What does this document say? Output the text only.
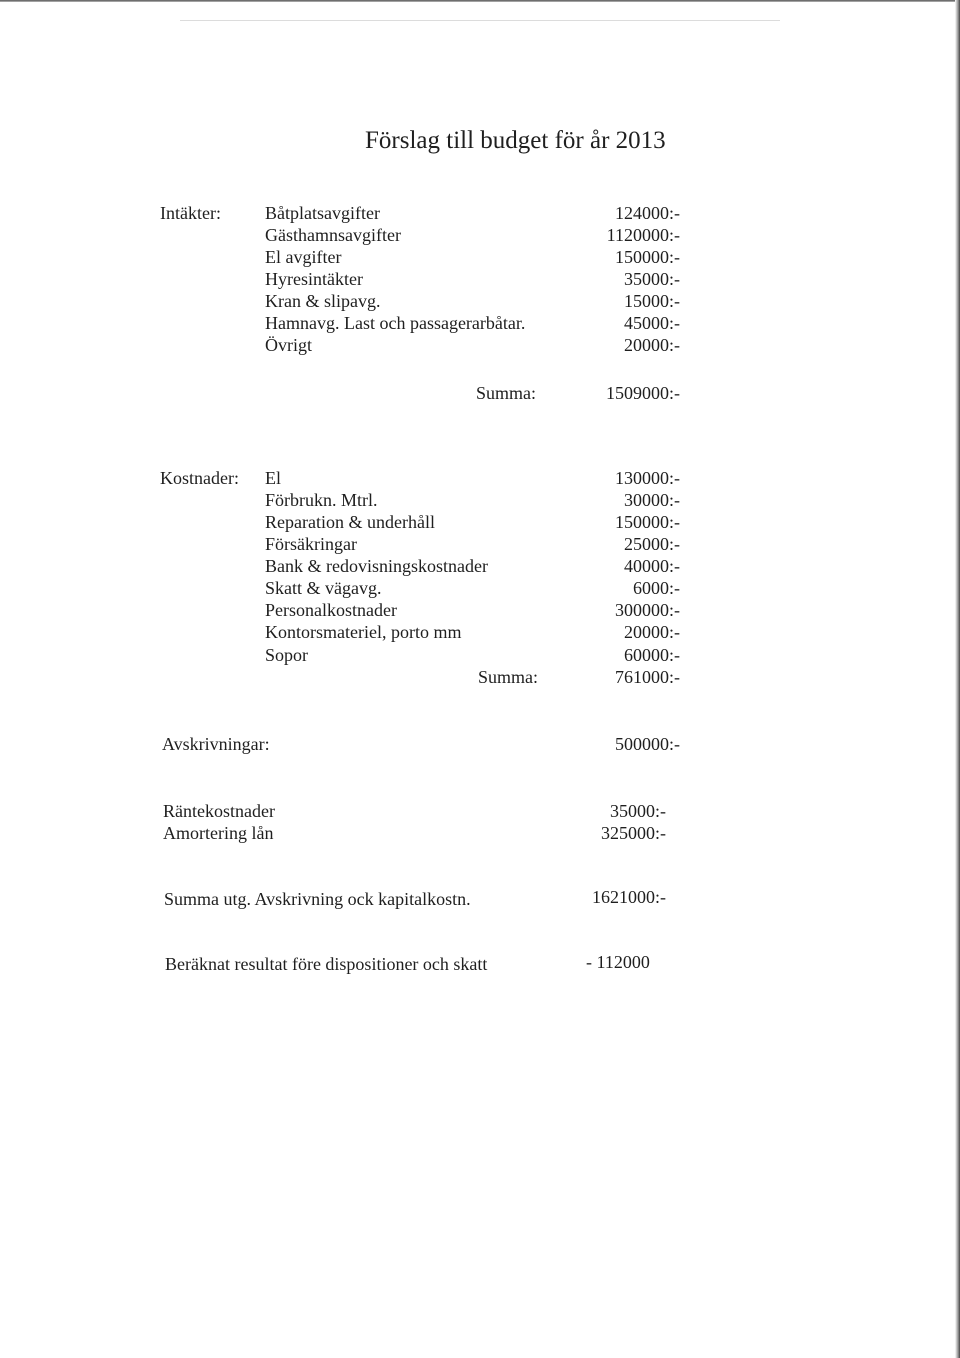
Förslag till budget för år 2013
Intäkter: Båtplatsavgifter	124000:-
Gästhamnsavgifter	1120000:-
El avgifter	150000:-
Hyresintäkter	35000:-
Kran & slipavg.	15000:-
Hamnavg. Last och passagerarbåtar.	45000:-
Övrigt	20000:-
Summa:	1509000:-
Kostnader: El	130000:-
Förbrukn. Mtrl.	30000:-
Reparation & underhåll	150000:-
Försäkringar	25000:-
Bank & redovisningskostnader	40000:-
Skatt & vägavg.	6000:-
Personalkostnader	300000:-
Kontorsmateriel, porto mm	20000:-
Sopor	60000:-
Summa:	761000:-
Avskrivningar:	500000:-
Räntekostnader	35000:-
Amortering lån	325000:-
Summa utg. Avskrivning ock kapitalkostn.	1621000:-
Beräknat resultat före dispositioner och skatt	- 112000
